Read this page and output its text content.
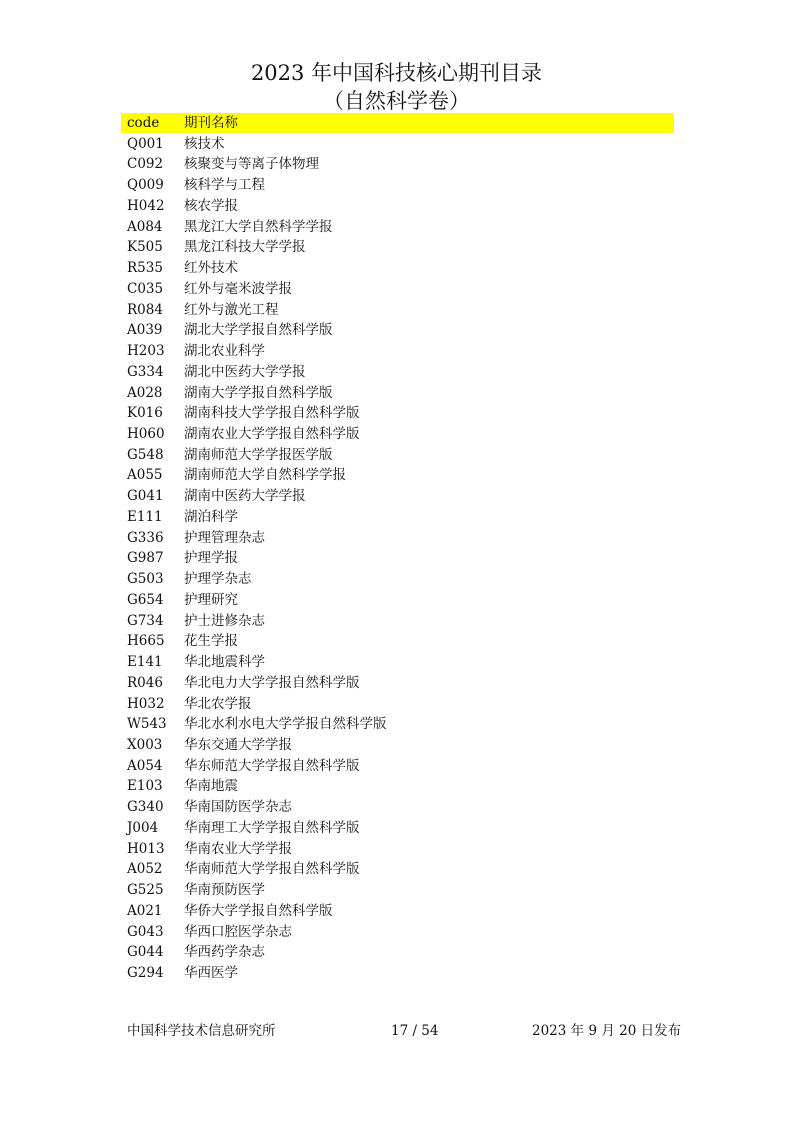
2023 年中国科技核心期刊目录
（自然科学卷）
code 期刊名称
Q001 核技术
C092 核聚变与等离子体物理
Q009 核科学与工程
H042 核农学报
A084 黑龙江大学自然科学学报
K505 黑龙江科技大学学报
R535 红外技术
C035 红外与毫米波学报
R084 红外与激光工程
A039 湖北大学学报自然科学版
H203 湖北农业科学
G334 湖北中医药大学学报
A028 湖南大学学报自然科学版
K016 湖南科技大学学报自然科学版
H060 湖南农业大学学报自然科学版
G548 湖南师范大学学报医学版
A055 湖南师范大学自然科学学报
G041 湖南中医药大学学报
E111 湖泊科学
G336 护理管理杂志
G987 护理学报
G503 护理学杂志
G654 护理研究
G734 护士进修杂志
H665 花生学报
E141 华北地震科学
R046 华北电力大学学报自然科学版
H032 华北农学报
W543 华北水利水电大学学报自然科学版
X003 华东交通大学学报
A054 华东师范大学学报自然科学版
E103 华南地震
G340 华南国防医学杂志
J004 华南理工大学学报自然科学版
H013 华南农业大学学报
A052 华南师范大学学报自然科学版
G525 华南预防医学
A021 华侨大学学报自然科学版
G043 华西口腔医学杂志
G044 华西药学杂志
G294 华西医学
中国科学技术信息研究所	17 / 54	2023 年 9 月 20 日发布
